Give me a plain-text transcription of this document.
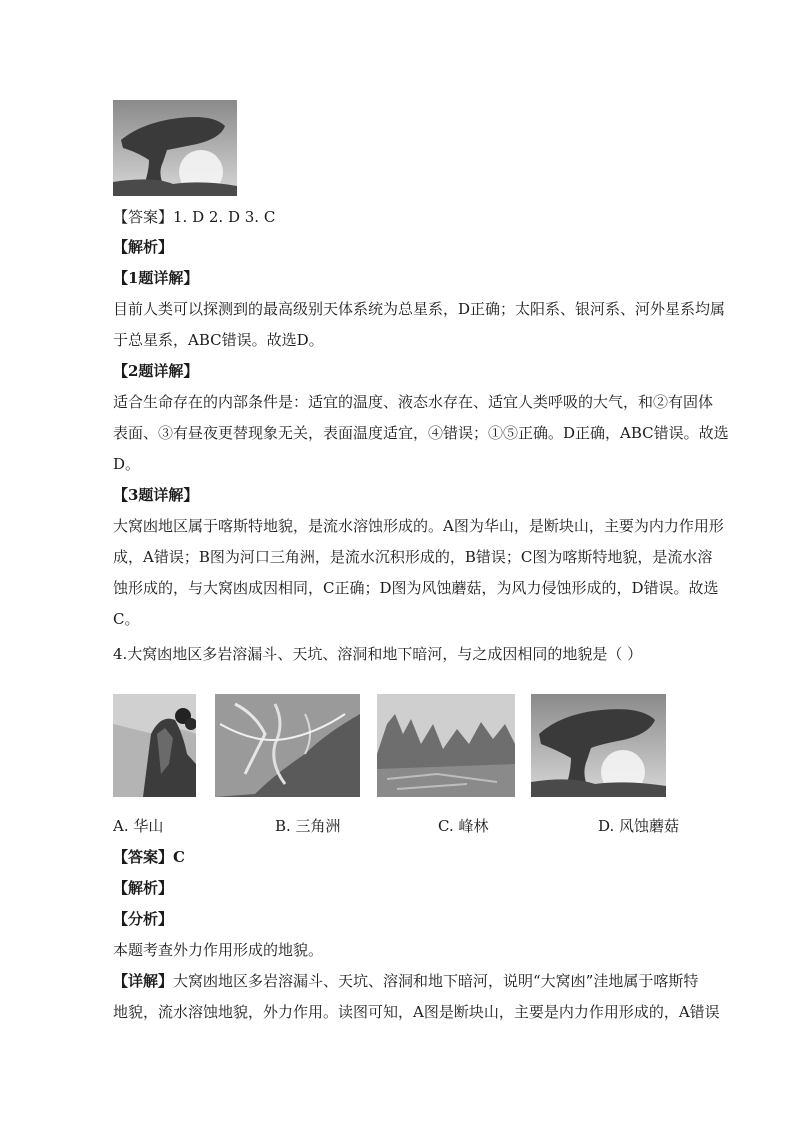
【答案】1. D 2. D 3. C
【解析】
【1题详解】
目前人类可以探测到的最高级别天体系统为总星系，D正确；太阳系、银河系、河外星系均属
于总星系，ABC错误。故选D。
【2题详解】
适合生命存在的内部条件是：适宜的温度、液态水存在、适宜人类呼吸的大气，和②有固体
表面、③有昼夜更替现象无关，表面温度适宜，④错误；①⑤正确。D正确，ABC错误。故选
D。
【3题详解】
大窝凼地区属于喀斯特地貌，是流水溶蚀形成的。A图为华山，是断块山，主要为内力作用形
成，A错误；B图为河口三角洲，是流水沉积形成的，B错误；C图为喀斯特地貌，是流水溶
蚀形成的，与大窝凼成因相同，C正确；D图为风蚀蘑菇，为风力侵蚀形成的，D错误。故选
C。
4.大窝凼地区多岩溶漏斗、天坑、溶洞和地下暗河，与之成因相同的地貌是（ ）
A. 华山	B. 三角洲	C. 峰林	D. 风蚀蘑菇
【答案】C
【解析】
【分析】
本题考查外力作用形成的地貌。
【详解】大窝凼地区多岩溶漏斗、天坑、溶洞和地下暗河，说明“大窝凼”洼地属于喀斯特
地貌，流水溶蚀地貌，外力作用。读图可知，A图是断块山，主要是内力作用形成的，A错误
